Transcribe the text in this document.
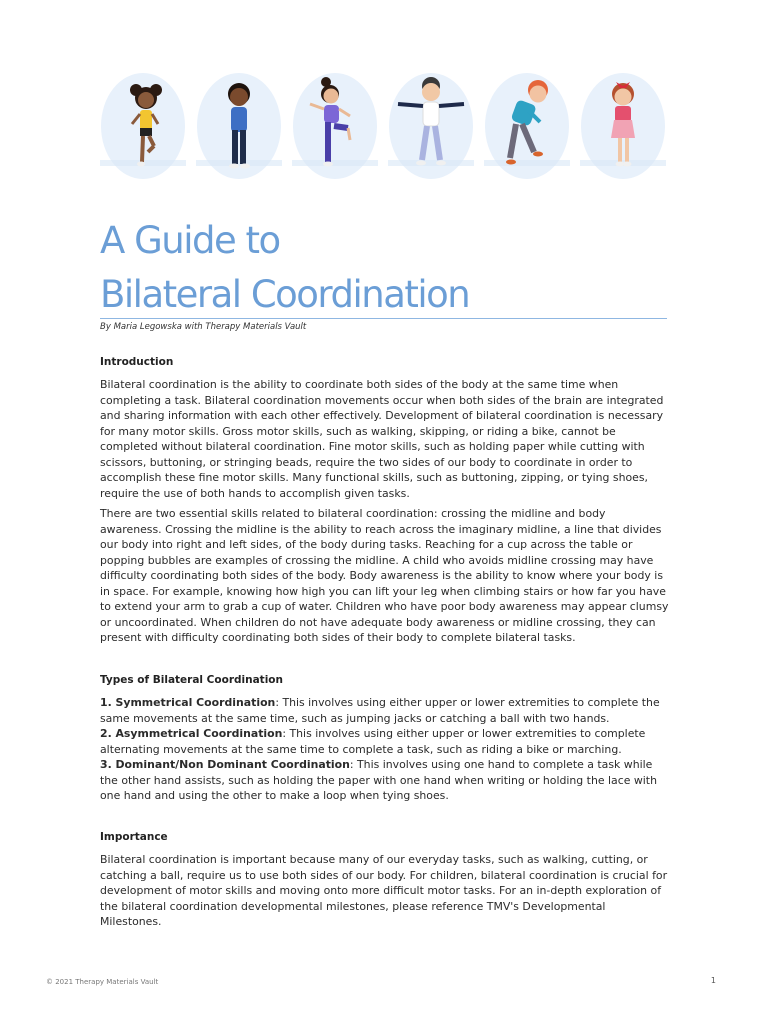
A Guide to
Bilateral Coordination
By Maria Legowska with Therapy Materials Vault
Introduction

Bilateral coordination is the ability to coordinate both sides of the body at the same time when completing a task. Bilateral coordination movements occur when both sides of the brain are integrated and sharing information with each other effectively. Development of bilateral coordination is necessary for many motor skills. Gross motor skills, such as walking, skipping, or riding a bike, cannot be completed without bilateral coordination. Fine motor skills, such as holding paper while cutting with scissors, buttoning, or stringing beads, require the two sides of our body to coordinate in order to accomplish these fine motor skills. Many functional skills, such as buttoning, zipping, or tying shoes, require the use of both hands to accomplish given tasks.

There are two essential skills related to bilateral coordination: crossing the midline and body awareness. Crossing the midline is the ability to reach across the imaginary midline, a line that divides our body into right and left sides, of the body during tasks. Reaching for a cup across the table or popping bubbles are examples of crossing the midline. A child who avoids midline crossing may have difficulty coordinating both sides of the body. Body awareness is the ability to know where your body is in space. For example, knowing how high you can lift your leg when climbing stairs or how far you have to extend your arm to grab a cup of water. Children who have poor body awareness may appear clumsy or uncoordinated. When children do not have adequate body awareness or midline crossing, they can present with difficulty coordinating both sides of their body to complete bilateral tasks.

Types of Bilateral Coordination

1. Symmetrical Coordination: This involves using either upper or lower extremities to complete the same movements at the same time, such as jumping jacks or catching a ball with two hands.

2. Asymmetrical Coordination: This involves using either upper or lower extremities to complete alternating movements at the same time to complete a task, such as riding a bike or marching.

3. Dominant/Non Dominant Coordination: This involves using one hand to complete a task while the other hand assists, such as holding the paper with one hand when writing or holding the lace with one hand and using the other to make a loop when tying shoes.

Importance

Bilateral coordination is important because many of our everyday tasks, such as walking, cutting, or catching a ball, require us to use both sides of our body. For children, bilateral coordination is crucial for development of motor skills and moving onto more difficult motor tasks. For an in-depth exploration of the bilateral coordination developmental milestones, please reference TMV's Developmental Milestones.

© 2021 Therapy Materials Vault	1
